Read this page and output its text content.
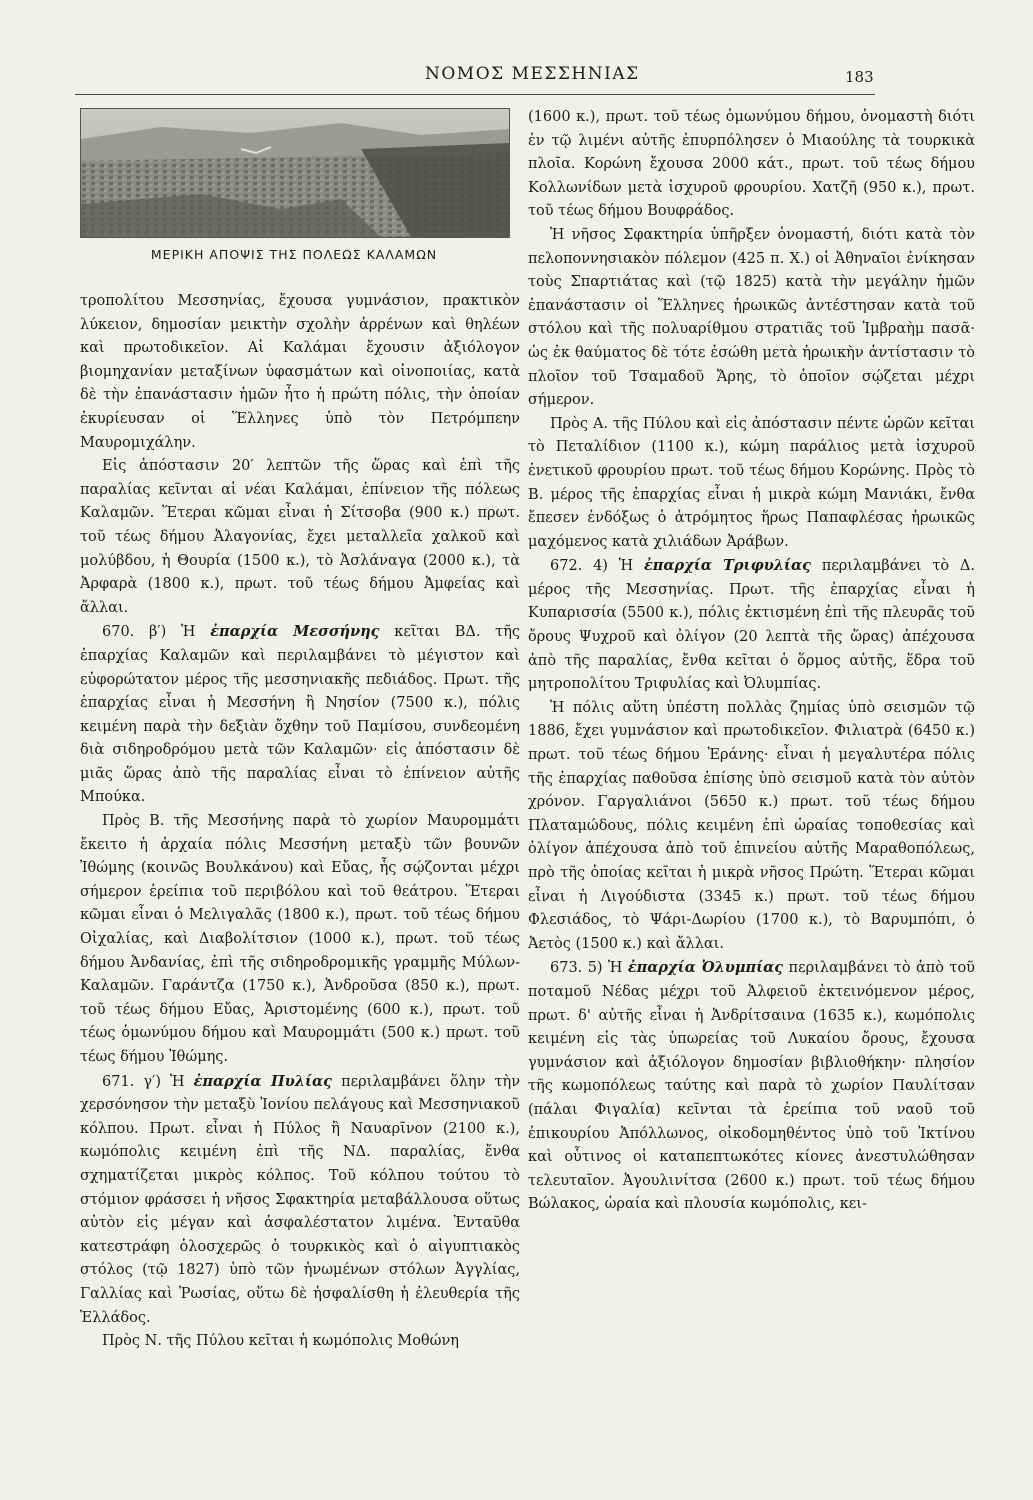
ΝΟΜΟΣ ΜΕΣΣΗΝΙΑΣ	183
ΜΕΡΙΚΗ ΑΠΟΨΙΣ ΤΗΣ ΠΟΛΕΩΣ ΚΑΛΑΜΩΝ

τροπολίτου Μεσσηνίας, ἔχουσα γυμνάσιον, πρακτικὸν λύκειον, δημοσίαν μεικτὴν σχολὴν ἀρρένων καὶ θηλέων καὶ πρωτοδικεῖον. Αἱ Καλάμαι ἔχουσιν ἀξιόλογον βιομηχανίαν μεταξίνων ὑφασμάτων καὶ οἰνοποιίας, κατὰ δὲ τὴν ἐπανάστασιν ἡμῶν ἦτο ἡ πρώτη πόλις, τὴν ὁποίαν ἐκυρίευσαν οἱ Ἕλληνες ὑπὸ τὸν Πετρόμπεην Μαυρομιχάλην.

Εἰς ἀπόστασιν 20′ λεπτῶν τῆς ὥρας καὶ ἐπὶ τῆς παραλίας κεῖνται αἱ νέαι Καλάμαι, ἐπίνειον τῆς πόλεως Καλαμῶν. Ἕτεραι κῶμαι εἶναι ἡ Σίτσοβα (900 κ.) πρωτ. τοῦ τέως δήμου Ἀλαγονίας, ἔχει μεταλλεῖα χαλκοῦ καὶ μολύβδου, ἡ Θουρία (1500 κ.), τὸ Ἀσλάναγα (2000 κ.), τὰ Ἀρφαρὰ (1800 κ.), πρωτ. τοῦ τέως δήμου Ἀμφείας καὶ ἄλλαι.

670. β′) Ἡ ἐπαρχία Μεσσήνης κεῖται ΒΔ. τῆς ἐπαρχίας Καλαμῶν καὶ περιλαμβάνει τὸ μέγιστον καὶ εὐφορώτατον μέρος τῆς μεσσηνιακῆς πεδιάδος. Πρωτ. τῆς ἐπαρχίας εἶναι ἡ Μεσσήνη ἢ Νησίον (7500 κ.), πόλις κειμένη παρὰ τὴν δεξιὰν ὄχθην τοῦ Παμίσου, συνδεομένη διὰ σιδηροδρόμου μετὰ τῶν Καλαμῶν· εἰς ἀπόστασιν δὲ μιᾶς ὥρας ἀπὸ τῆς παραλίας εἶναι τὸ ἐπίνειον αὐτῆς Μπούκα.

Πρὸς Β. τῆς Μεσσήνης παρὰ τὸ χωρίον Μαυρομμάτι ἔκειτο ἡ ἀρχαία πόλις Μεσσήνη μεταξὺ τῶν βουνῶν Ἰθώμης (κοινῶς Βουλκάνου) καὶ Εὔας, ἧς σῴζονται μέχρι σήμερον ἐρείπια τοῦ περιβόλου καὶ τοῦ θεάτρου. Ἕτεραι κῶμαι εἶναι ὁ Μελιγαλᾶς (1800 κ.), πρωτ. τοῦ τέως δήμου Οἰχαλίας, καὶ Διαβολίτσιον (1000 κ.), πρωτ. τοῦ τέως δήμου Ἀνδανίας, ἐπὶ τῆς σιδηροδρομικῆς γραμμῆς Μύλων-Καλαμῶν. Γαράντζα (1750 κ.), Ἀνδροῦσα (850 κ.), πρωτ. τοῦ τέως δήμου Εὔας, Ἀριστομένης (600 κ.), πρωτ. τοῦ τέως ὁμωνύμου δήμου καὶ Μαυρομμάτι (500 κ.) πρωτ. τοῦ τέως δήμου Ἰθώμης.

671. γ′) Ἡ ἐπαρχία Πυλίας περιλαμβάνει ὅλην τὴν χερσόνησον τὴν μεταξὺ Ἰονίου πελάγους καὶ Μεσσηνιακοῦ κόλπου. Πρωτ. εἶναι ἡ Πύλος ἢ Ναυαρῖνον (2100 κ.), κωμόπολις κειμένη ἐπὶ τῆς ΝΔ. παραλίας, ἔνθα σχηματίζεται μικρὸς κόλπος. Τοῦ κόλπου τούτου τὸ στόμιον φράσσει ἡ νῆσος Σφακτηρία μεταβάλλουσα οὕτως αὐτὸν εἰς μέγαν καὶ ἀσφαλέστατον λιμένα. Ἐνταῦθα κατεστράφη ὁλοσχερῶς ὁ τουρκικὸς καὶ ὁ αἰγυπτιακὸς στόλος (τῷ 1827) ὑπὸ τῶν ἡνωμένων στόλων Ἀγγλίας, Γαλλίας καὶ Ῥωσίας, οὕτω δὲ ἠσφαλίσθη ἡ ἐλευθερία τῆς Ἑλλάδος.

Πρὸς Ν. τῆς Πύλου κεῖται ἡ κωμόπολις Μοθώνη

(1600 κ.), πρωτ. τοῦ τέως ὁμωνύμου δήμου, ὀνομαστὴ διότι ἐν τῷ λιμένι αὐτῆς ἐπυρπόλησεν ὁ Μιαούλης τὰ τουρκικὰ πλοῖα. Κορώνη ἔχουσα 2000 κάτ., πρωτ. τοῦ τέως δήμου Κολλωνίδων μετὰ ἰσχυροῦ φρουρίου. Χατζῆ (950 κ.), πρωτ. τοῦ τέως δήμου Βουφράδος.

Ἡ νῆσος Σφακτηρία ὑπῆρξεν ὀνομαστή, διότι κατὰ τὸν πελοποννησιακὸν πόλεμον (425 π. Χ.) οἱ Ἀθηναῖοι ἐνίκησαν τοὺς Σπαρτιάτας καὶ (τῷ 1825) κατὰ τὴν μεγάλην ἡμῶν ἐπανάστασιν οἱ Ἕλληνες ἡρωικῶς ἀντέστησαν κατὰ τοῦ στόλου καὶ τῆς πολυαρίθμου στρατιᾶς τοῦ Ἰμβραὴμ πασᾶ· ὡς ἐκ θαύματος δὲ τότε ἐσώθη μετὰ ἡρωικὴν ἀντίστασιν τὸ πλοῖον τοῦ Τσαμαδοῦ Ἄρης, τὸ ὁποῖον σῴζεται μέχρι σήμερον.

Πρὸς Α. τῆς Πύλου καὶ εἰς ἀπόστασιν πέντε ὡρῶν κεῖται τὸ Πεταλίδιον (1100 κ.), κώμη παράλιος μετὰ ἰσχυροῦ ἐνετικοῦ φρουρίου πρωτ. τοῦ τέως δήμου Κορώνης. Πρὸς τὸ Β. μέρος τῆς ἐπαρχίας εἶναι ἡ μικρὰ κώμη Μανιάκι, ἔνθα ἔπεσεν ἐνδόξως ὁ ἀτρόμητος ἥρως Παπαφλέσας ἡρωικῶς μαχόμενος κατὰ χιλιάδων Ἀράβων.

672. 4) Ἡ ἐπαρχία Τριφυλίας περιλαμβάνει τὸ Δ. μέρος τῆς Μεσσηνίας. Πρωτ. τῆς ἐπαρχίας εἶναι ἡ Κυπαρισσία (5500 κ.), πόλις ἐκτισμένη ἐπὶ τῆς πλευρᾶς τοῦ ὄρους Ψυχροῦ καὶ ὀλίγον (20 λεπτὰ τῆς ὥρας) ἀπέχουσα ἀπὸ τῆς παραλίας, ἔνθα κεῖται ὁ ὅρμος αὐτῆς, ἕδρα τοῦ μητροπολίτου Τριφυλίας καὶ Ὀλυμπίας.

Ἡ πόλις αὕτη ὑπέστη πολλὰς ζημίας ὑπὸ σεισμῶν τῷ 1886, ἔχει γυμνάσιον καὶ πρωτοδικεῖον. Φιλιατρὰ (6450 κ.) πρωτ. τοῦ τέως δήμου Ἐράνης· εἶναι ἡ μεγαλυτέρα πόλις τῆς ἐπαρχίας παθοῦσα ἐπίσης ὑπὸ σεισμοῦ κατὰ τὸν αὐτὸν χρόνον. Γαργαλιάνοι (5650 κ.) πρωτ. τοῦ τέως δήμου Πλαταμώδους, πόλις κειμένη ἐπὶ ὡραίας τοποθεσίας καὶ ὀλίγον ἀπέχουσα ἀπὸ τοῦ ἐπινείου αὐτῆς Μαραθοπόλεως, πρὸ τῆς ὁποίας κεῖται ἡ μικρὰ νῆσος Πρώτη. Ἕτεραι κῶμαι εἶναι ἡ Λιγούδιστα (3345 κ.) πρωτ. τοῦ τέως δήμου Φλεσιάδος, τὸ Ψάρι-Δωρίου (1700 κ.), τὸ Βαρυμπόπι, ὁ Ἀετὸς (1500 κ.) καὶ ἄλλαι.

673. 5) Ἡ ἐπαρχία Ὀλυμπίας περιλαμβάνει τὸ ἀπὸ τοῦ ποταμοῦ Νέδας μέχρι τοῦ Ἀλφειοῦ ἐκτεινόμενον μέρος, πρωτ. δ' αὐτῆς εἶναι ἡ Ἀνδρίτσαινα (1635 κ.), κωμόπολις κειμένη εἰς τὰς ὑπωρείας τοῦ Λυκαίου ὄρους, ἔχουσα γυμνάσιον καὶ ἀξιόλογον δημοσίαν βιβλιοθήκην· πλησίον τῆς κωμοπόλεως ταύτης καὶ παρὰ τὸ χωρίον Παυλίτσαν (πάλαι Φιγαλία) κεῖνται τὰ ἐρείπια τοῦ ναοῦ τοῦ ἐπικουρίου Ἀπόλλωνος, οἰκοδομηθέντος ὑπὸ τοῦ Ἰκτίνου καὶ οὗτινος οἱ καταπεπτωκότες κίονες ἀνεστυλώθησαν τελευταῖον. Ἀγουλινίτσα (2600 κ.) πρωτ. τοῦ τέως δήμου Βώλακος, ὡραία καὶ πλουσία κωμόπολις, κει-
